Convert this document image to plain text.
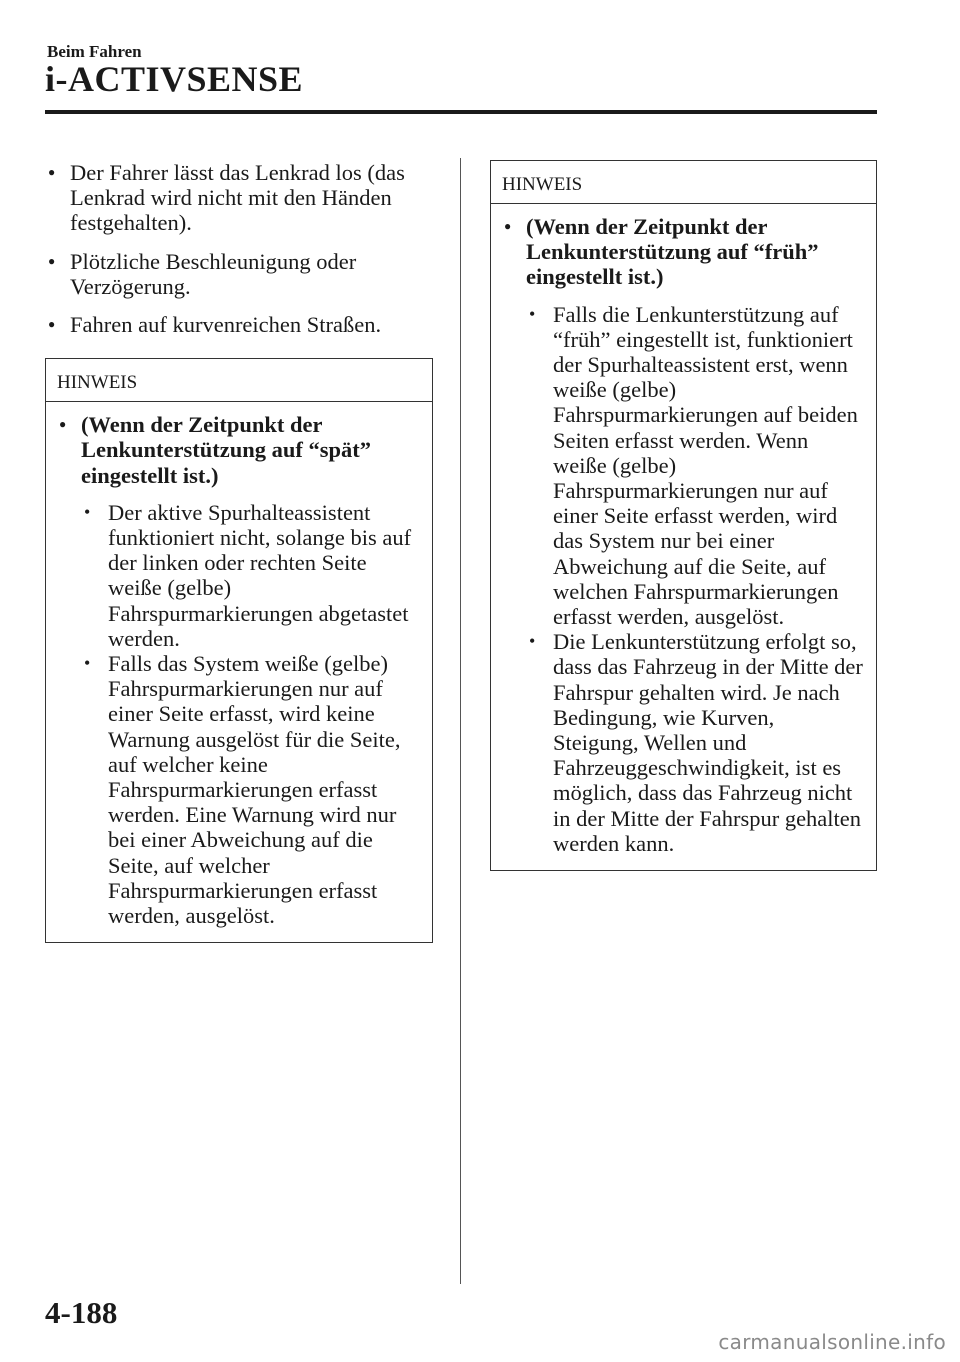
Beim Fahren
i-ACTIVSENSE
● Der Fahrer lässt das Lenkrad los (das Lenkrad wird nicht mit den Händen festgehalten).
● Plötzliche Beschleunigung oder Verzögerung.
● Fahren auf kurvenreichen Straßen.
HINWEIS
● (Wenn der Zeitpunkt der Lenkunterstützung auf “spät” eingestellt ist.)
• Der aktive Spurhalteassistent funktioniert nicht, solange bis auf der linken oder rechten Seite weiße (gelbe) Fahrspurmarkierungen abgetastet werden.
• Falls das System weiße (gelbe) Fahrspurmarkierungen nur auf einer Seite erfasst, wird keine Warnung ausgelöst für die Seite, auf welcher keine Fahrspurmarkierungen erfasst werden. Eine Warnung wird nur bei einer Abweichung auf die Seite, auf welcher Fahrspurmarkierungen erfasst werden, ausgelöst.
HINWEIS
● (Wenn der Zeitpunkt der Lenkunterstützung auf “früh” eingestellt ist.)
• Falls die Lenkunterstützung auf “früh” eingestellt ist, funktioniert der Spurhalteassistent erst, wenn weiße (gelbe) Fahrspurmarkierungen auf beiden Seiten erfasst werden. Wenn weiße (gelbe) Fahrspurmarkierungen nur auf einer Seite erfasst werden, wird das System nur bei einer Abweichung auf die Seite, auf welchen Fahrspurmarkierungen erfasst werden, ausgelöst.
• Die Lenkunterstützung erfolgt so, dass das Fahrzeug in der Mitte der Fahrspur gehalten wird. Je nach Bedingung, wie Kurven, Steigung, Wellen und Fahrzeuggeschwindigkeit, ist es möglich, dass das Fahrzeug nicht in der Mitte der Fahrspur gehalten werden kann.
4-188
carmanualsonline.info
